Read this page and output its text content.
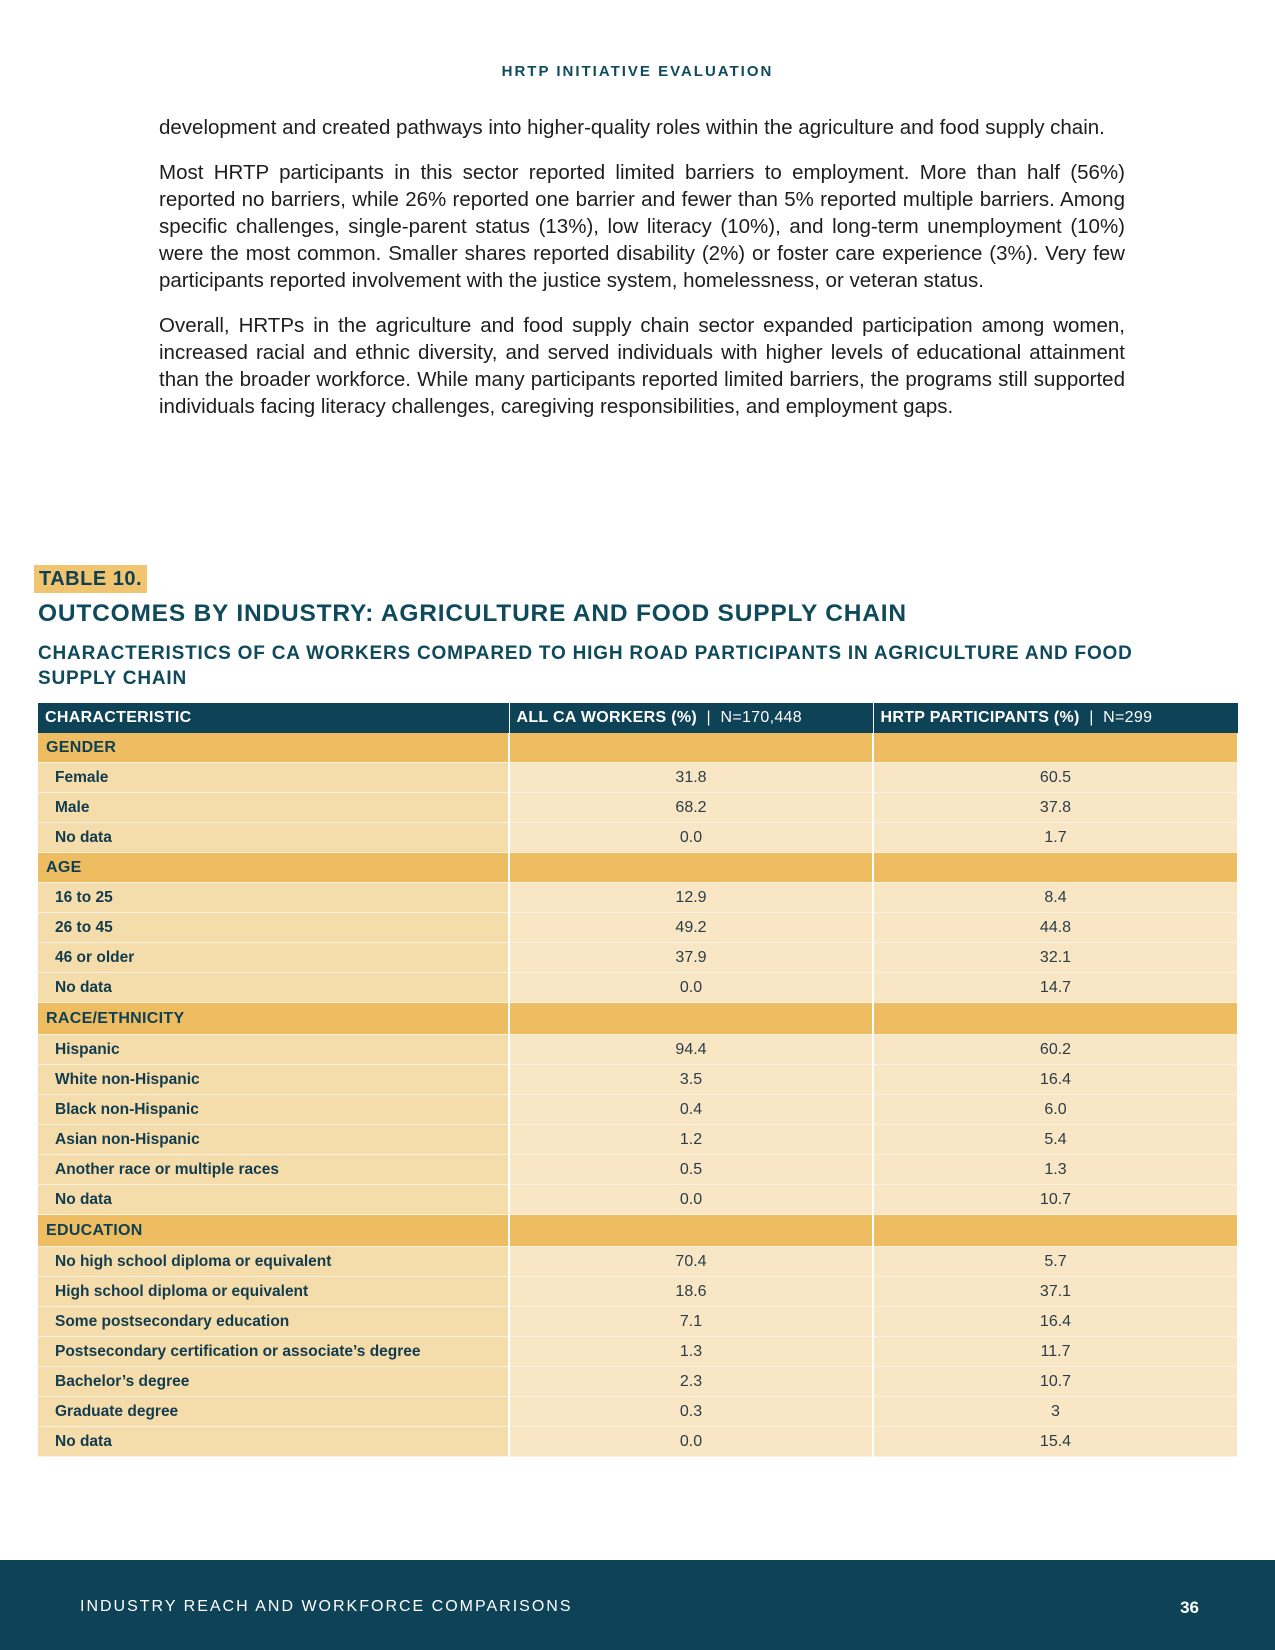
HRTP INITIATIVE EVALUATION

development and created pathways into higher-quality roles within the agriculture and food supply chain.

Most HRTP participants in this sector reported limited barriers to employment. More than half (56%) reported no barriers, while 26% reported one barrier and fewer than 5% reported multiple barriers. Among specific challenges, single-parent status (13%), low literacy (10%), and long-term unemployment (10%) were the most common. Smaller shares reported disability (2%) or foster care experience (3%). Very few participants reported involvement with the justice system, homelessness, or veteran status.

Overall, HRTPs in the agriculture and food supply chain sector expanded participation among women, increased racial and ethnic diversity, and served individuals with higher levels of educational attainment than the broader workforce. While many participants reported limited barriers, the programs still supported individuals facing literacy challenges, caregiving responsibilities, and employment gaps.

TABLE 10.
OUTCOMES BY INDUSTRY: AGRICULTURE AND FOOD SUPPLY CHAIN
CHARACTERISTICS OF CA WORKERS COMPARED TO HIGH ROAD PARTICIPANTS IN AGRICULTURE AND FOOD SUPPLY CHAIN
CHARACTERISTIC	ALL CA WORKERS (%) | N=170,448	HRTP PARTICIPANTS (%) | N=299
GENDER		
Female	31.8	60.5
Male	68.2	37.8
No data	0.0	1.7
AGE		
16 to 25	12.9	8.4
26 to 45	49.2	44.8
46 or older	37.9	32.1
No data	0.0	14.7
RACE/ETHNICITY		
Hispanic	94.4	60.2
White non-Hispanic	3.5	16.4
Black non-Hispanic	0.4	6.0
Asian non-Hispanic	1.2	5.4
Another race or multiple races	0.5	1.3
No data	0.0	10.7
EDUCATION		
No high school diploma or equivalent	70.4	5.7
High school diploma or equivalent	18.6	37.1
Some postsecondary education	7.1	16.4
Postsecondary certification or associate’s degree	1.3	11.7
Bachelor’s degree	2.3	10.7
Graduate degree	0.3	3
No data	0.0	15.4
INDUSTRY REACH AND WORKFORCE COMPARISONS	36
